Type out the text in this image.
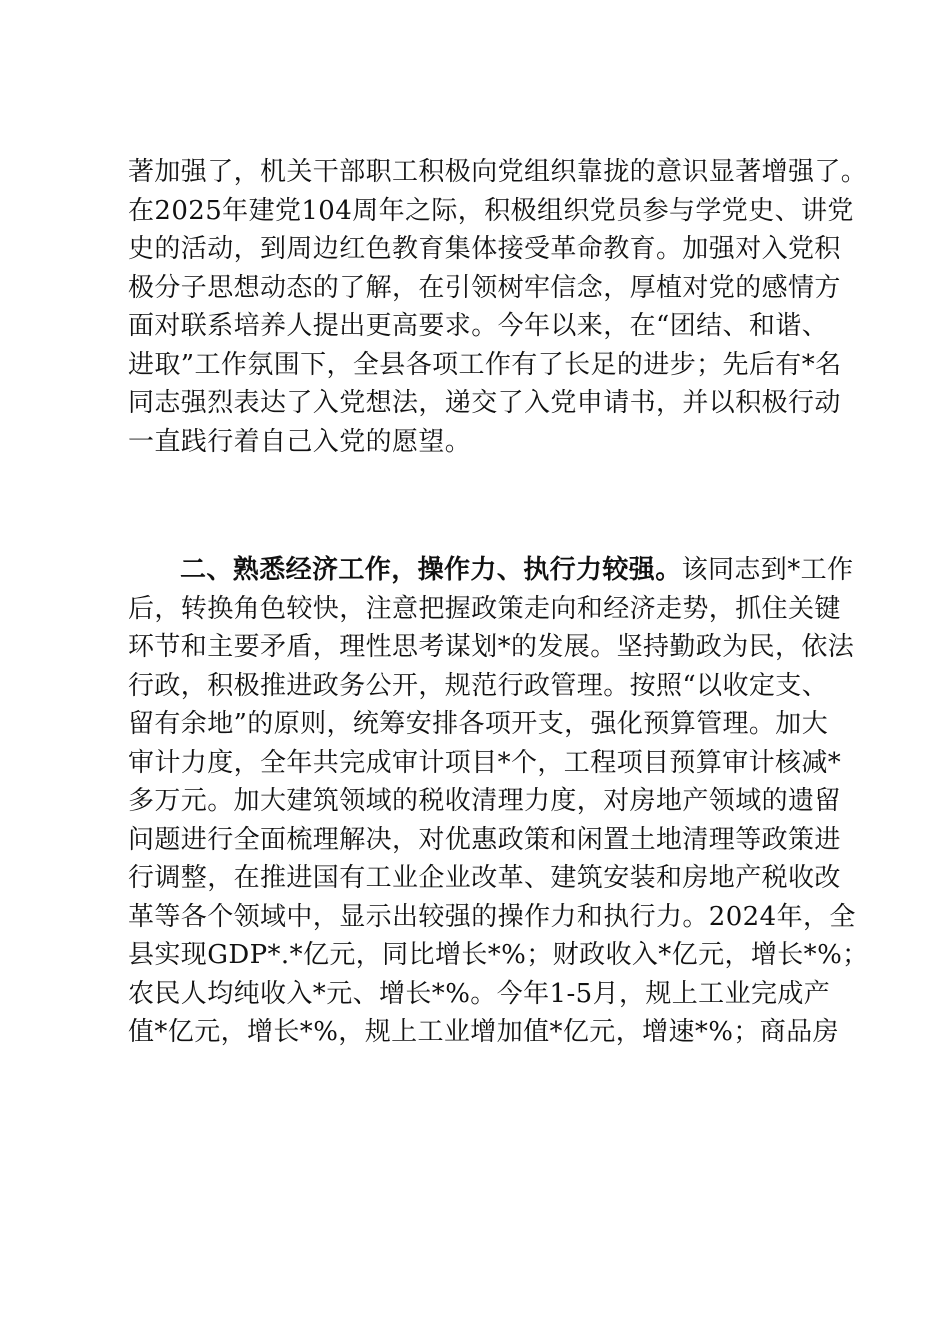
著加强了，机关干部职工积极向党组织靠拢的意识显著增强了。
在2025年建党104周年之际，积极组织党员参与学党史、讲党
史的活动，到周边红色教育集体接受革命教育。加强对入党积
极分子思想动态的了解，在引领树牢信念，厚植对党的感情方
面对联系培养人提出更高要求。今年以来，在“团结、和谐、
进取”工作氛围下，全县各项工作有了长足的进步；先后有*名
同志强烈表达了入党想法，递交了入党申请书，并以积极行动
一直践行着自己入党的愿望。
二、熟悉经济工作，操作力、执行力较强。该同志到*工作
后，转换角色较快，注意把握政策走向和经济走势，抓住关键
环节和主要矛盾，理性思考谋划*的发展。坚持勤政为民，依法
行政，积极推进政务公开，规范行政管理。按照“以收定支、
留有余地”的原则，统筹安排各项开支，强化预算管理。加大
审计力度，全年共完成审计项目*个，工程项目预算审计核减*
多万元。加大建筑领域的税收清理力度，对房地产领域的遗留
问题进行全面梳理解决，对优惠政策和闲置土地清理等政策进
行调整，在推进国有工业企业改革、建筑安装和房地产税收改
革等各个领域中，显示出较强的操作力和执行力。2024年，全
县实现GDP*.*亿元，同比增长*%；财政收入*亿元，增长*%；
农民人均纯收入*元、增长*%。今年1-5月，规上工业完成产
值*亿元，增长*%，规上工业增加值*亿元，增速*%；商品房
